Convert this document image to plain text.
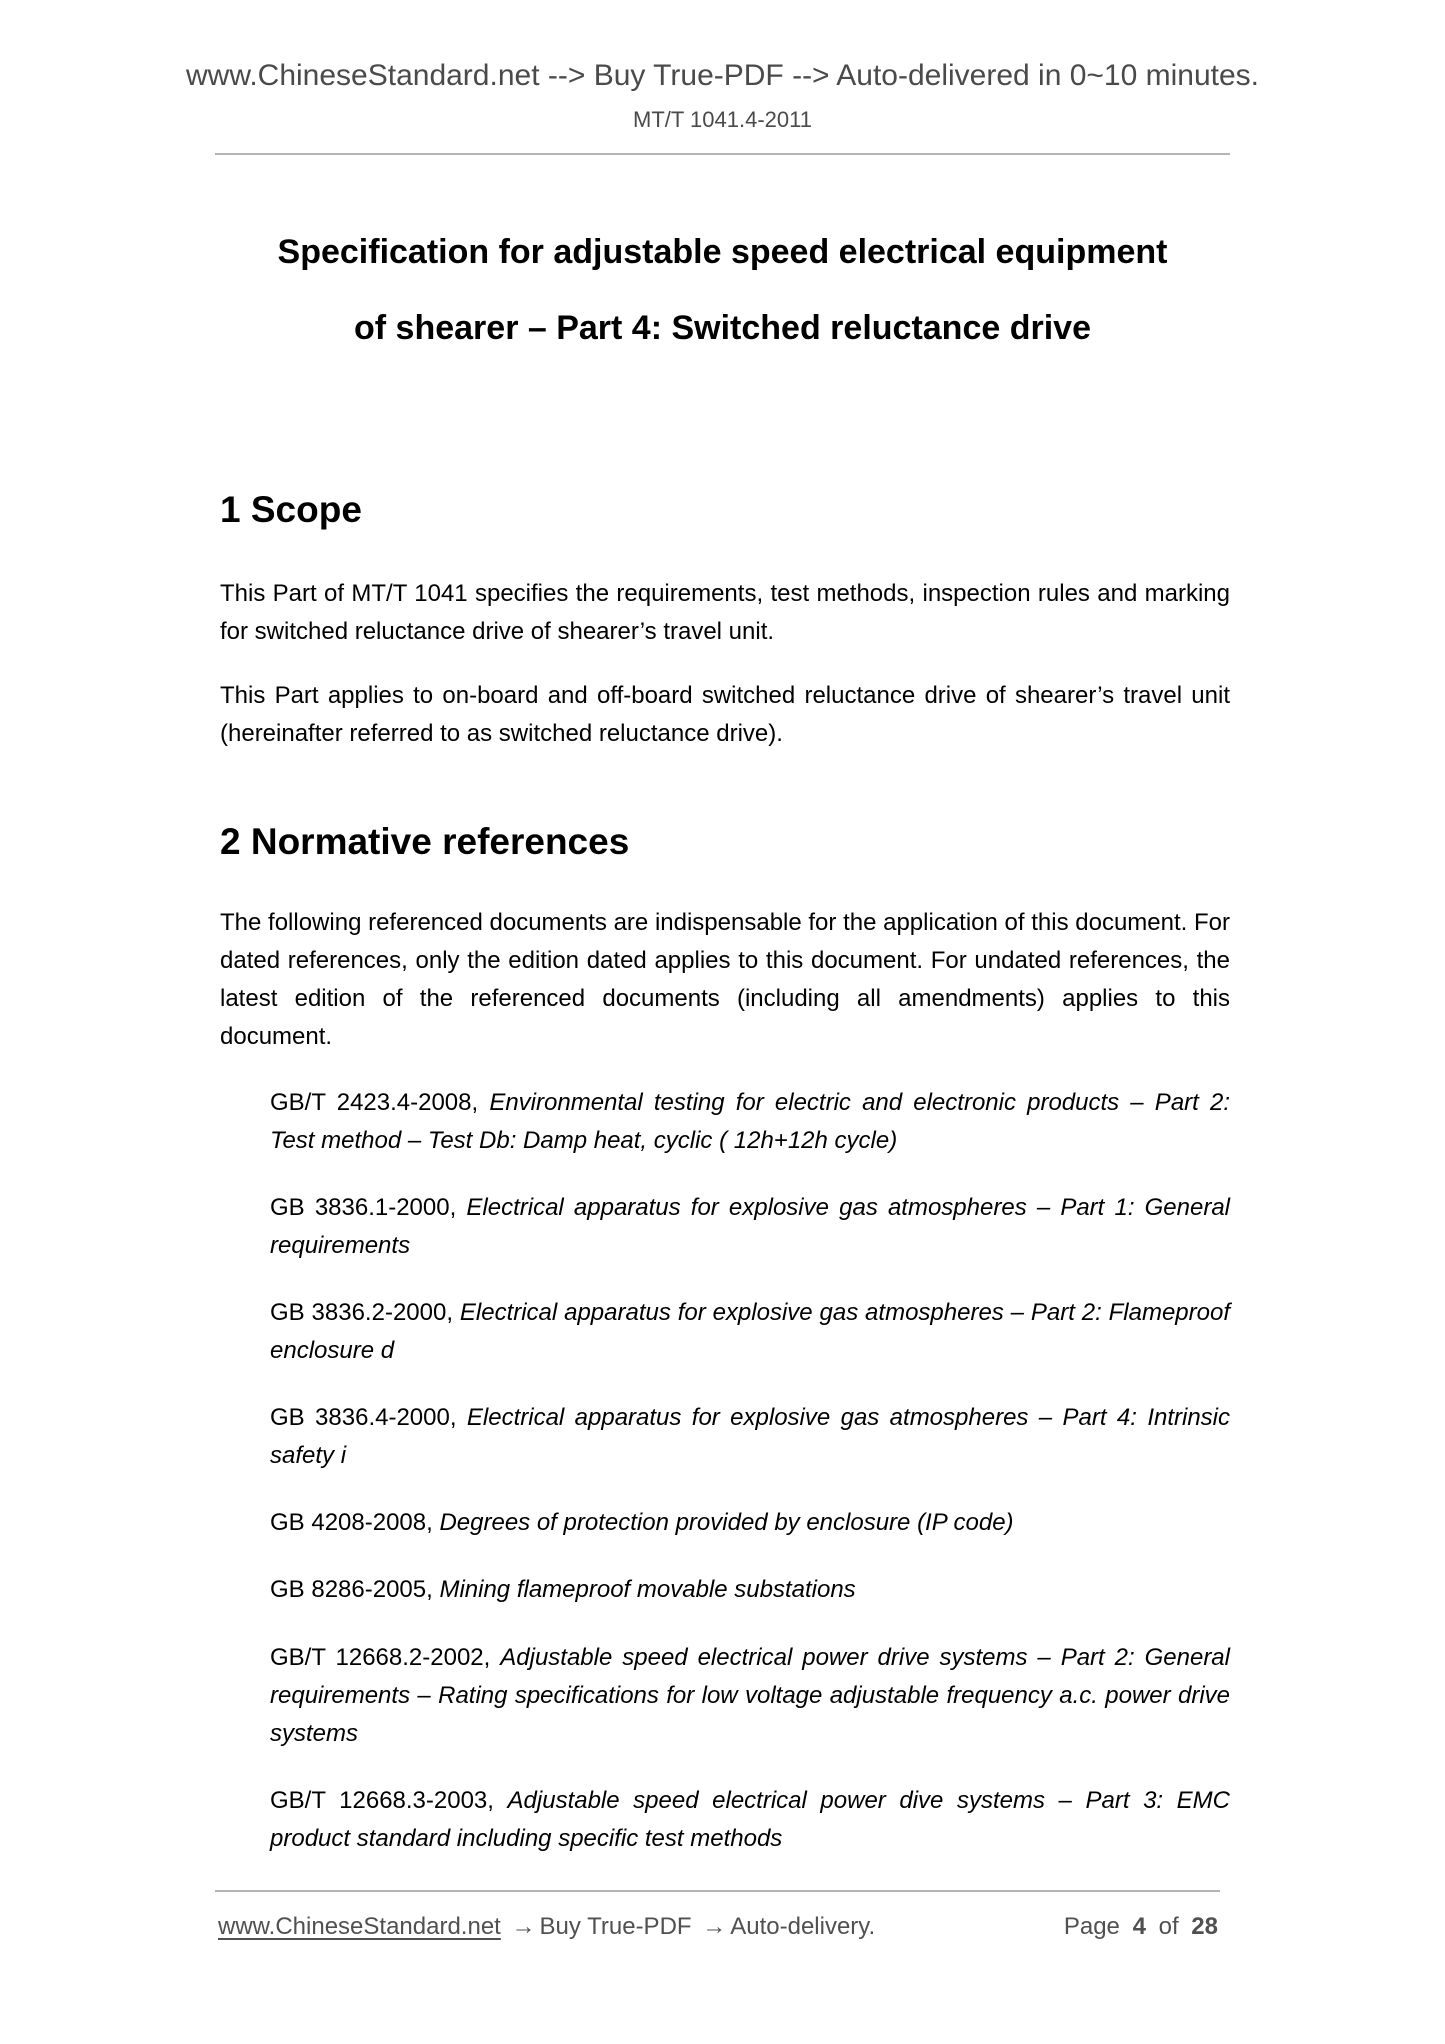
www.ChineseStandard.net --> Buy True-PDF --> Auto-delivered in 0~10 minutes.
MT/T 1041.4-2011
Specification for adjustable speed electrical equipment
of shearer – Part 4: Switched reluctance drive
1 Scope

This Part of MT/T 1041 specifies the requirements, test methods, inspection rules and marking for switched reluctance drive of shearer’s travel unit.

This Part applies to on-board and off-board switched reluctance drive of shearer’s travel unit (hereinafter referred to as switched reluctance drive).

2 Normative references

The following referenced documents are indispensable for the application of this document. For dated references, only the edition dated applies to this document. For undated references, the latest edition of the referenced documents (including all amendments) applies to this document.

GB/T 2423.4-2008, Environmental testing for electric and electronic products – Part 2: Test method – Test Db: Damp heat, cyclic ( 12h+12h cycle)

GB 3836.1-2000, Electrical apparatus for explosive gas atmospheres – Part 1: General requirements

GB 3836.2-2000, Electrical apparatus for explosive gas atmospheres – Part 2: Flameproof enclosure d

GB 3836.4-2000, Electrical apparatus for explosive gas atmospheres – Part 4: Intrinsic safety i

GB 4208-2008, Degrees of protection provided by enclosure (IP code)

GB 8286-2005, Mining flameproof movable substations

GB/T 12668.2-2002, Adjustable speed electrical power drive systems – Part 2: General requirements – Rating specifications for low voltage adjustable frequency a.c. power drive systems

GB/T 12668.3-2003, Adjustable speed electrical power dive systems – Part 3: EMC product standard including specific test methods

www.ChineseStandard.net → Buy True-PDF → Auto-delivery.	Page 4 of 28
